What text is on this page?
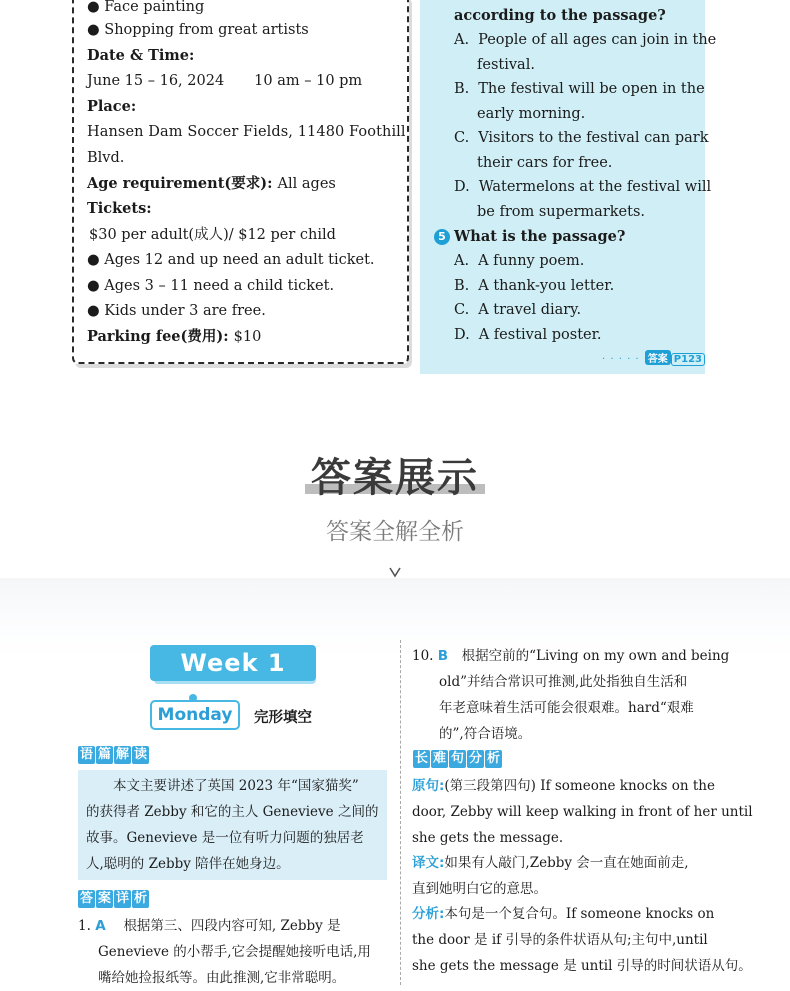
● Face painting
● Shopping from great artists
Date & Time:
June 15 – 16, 2024 10 am – 10 pm
Place:
Hansen Dam Soccer Fields, 11480 Foothill
Blvd.
Age requirement(要求): All ages
Tickets:
$30 per adult(成人)/ $12 per child
● Ages 12 and up need an adult ticket.
● Ages 3 – 11 need a child ticket.
● Kids under 3 are free.
Parking fee(费用): $10
according to the passage?
A. People of all ages can join in the
festival.
B. The festival will be open in the
early morning.
C. Visitors to the festival can park
their cars for free.
D. Watermelons at the festival will
be from supermarkets.
5 What is the passage?
A. A funny poem.
B. A thank-you letter.
C. A travel diary.
D. A festival poster.
· · · · · 答案 P123
答案展示
答案全解全析
Week 1
Monday	完形填空
语 篇 解 读
　　本文主要讲述了英国 2023 年“国家猫奖”
的获得者 Zebby 和它的主人 Genevieve 之间的
故事。Genevieve 是一位有听力问题的独居老
人,聪明的 Zebby 陪伴在她身边。
答 案 详 析
1. A　 根据第三、四段内容可知, Zebby 是
Genevieve 的小帮手,它会提醒她接听电话,用
嘴给她捡报纸等。由此推测,它非常聪明。
10. B　 根据空前的“Living on my own and being
old”并结合常识可推测,此处指独自生活和
年老意味着生活可能会很艰难。hard“艰难
的”,符合语境。
长 难 句 分 析
原句:(第三段第四句) If someone knocks on the
door, Zebby will keep walking in front of her until
she gets the message.
译文:如果有人敲门,Zebby 会一直在她面前走,
直到她明白它的意思。
分析:本句是一个复合句。If someone knocks on
the door 是 if 引导的条件状语从句;主句中,until
she gets the message 是 until 引导的时间状语从句。
